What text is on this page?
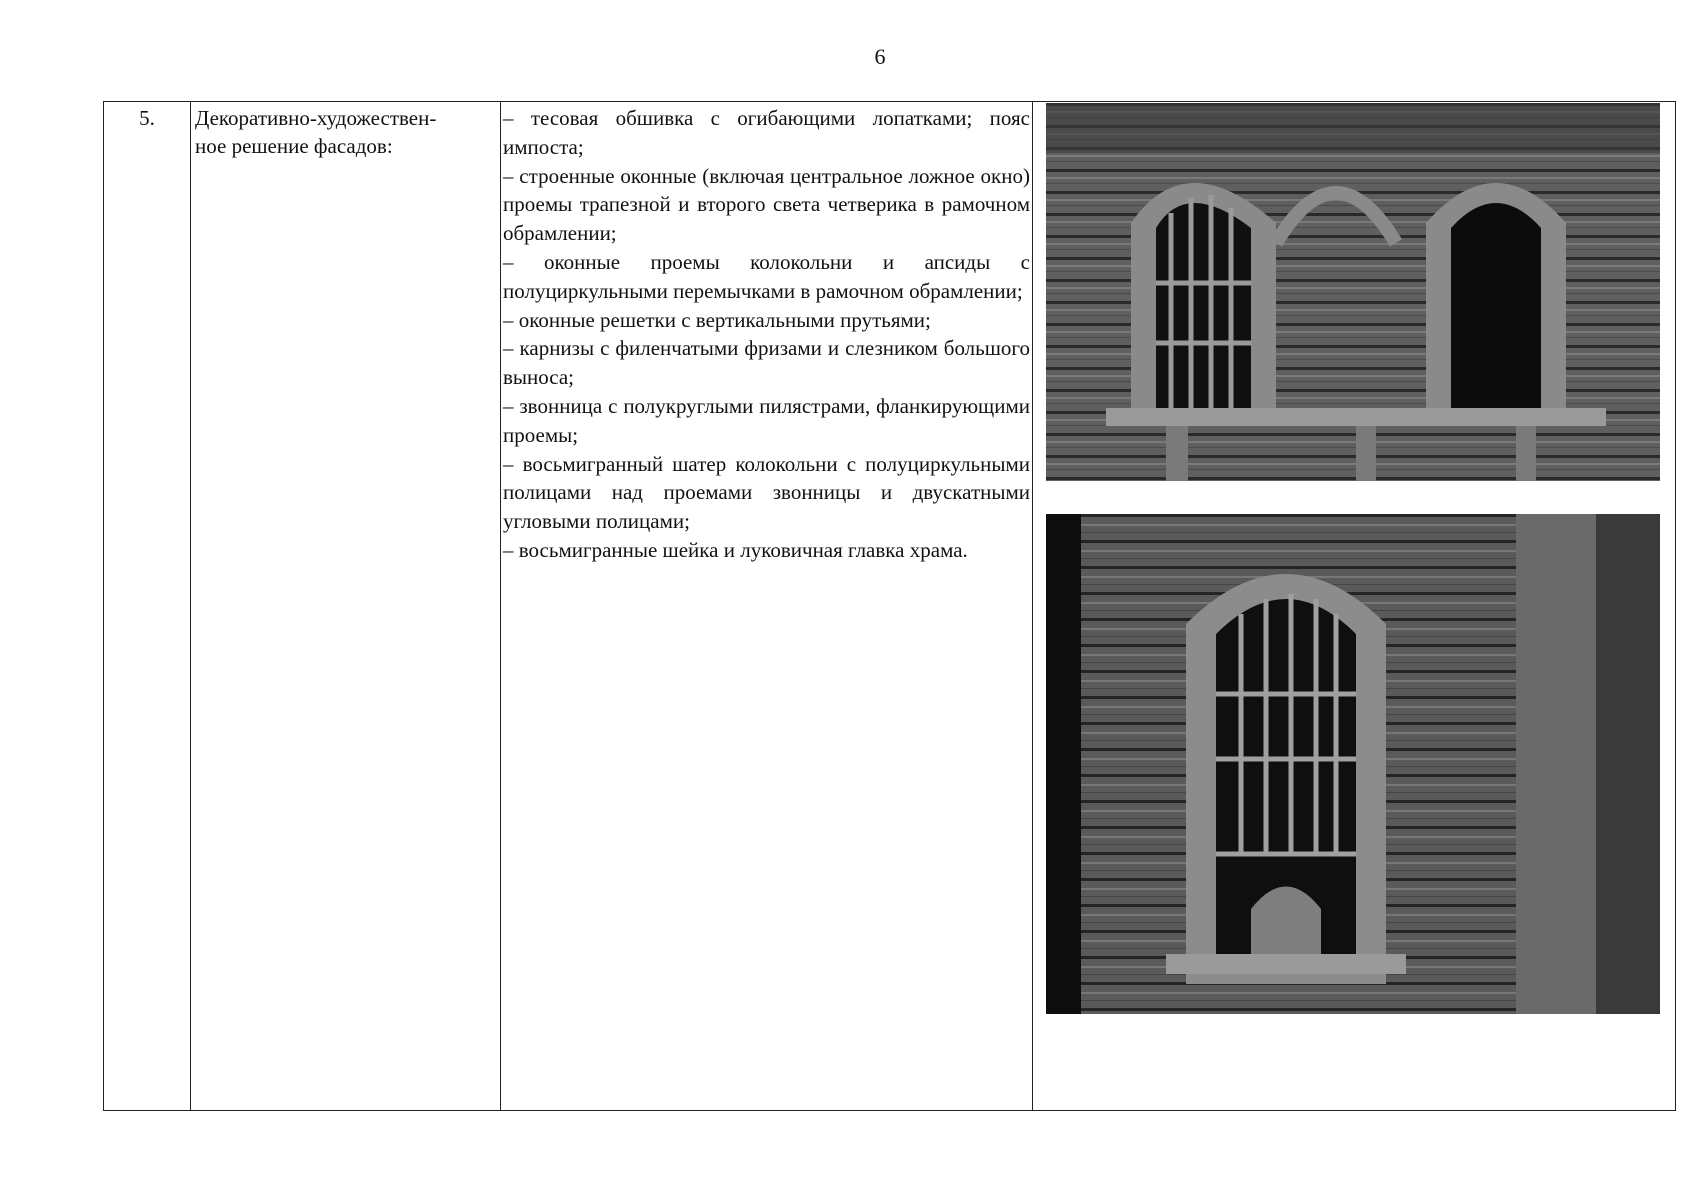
6
5.	Декоративно-художествен-
ное решение фасадов:

– тесовая обшивка с огибающими лопатками; пояс импоста;

– строенные оконные (включая центральное ложное окно) проемы трапезной и второго света четверика в рамочном обрамлении;

– оконные проемы колокольни и апсиды с полуциркульными перемычками в рамочном обрамлении;

– оконные решетки с вертикальными прутьями;

– карнизы с филенчатыми фризами и слезником большого выноса;

– звонница с полукруглыми пилястрами, фланкирующими проемы;

– восьмигранный шатер колокольни с полуциркульными полицами над проемами звонницы и двускатными угловыми полицами;

– восьмигранные шейка и луковичная главка храма.
